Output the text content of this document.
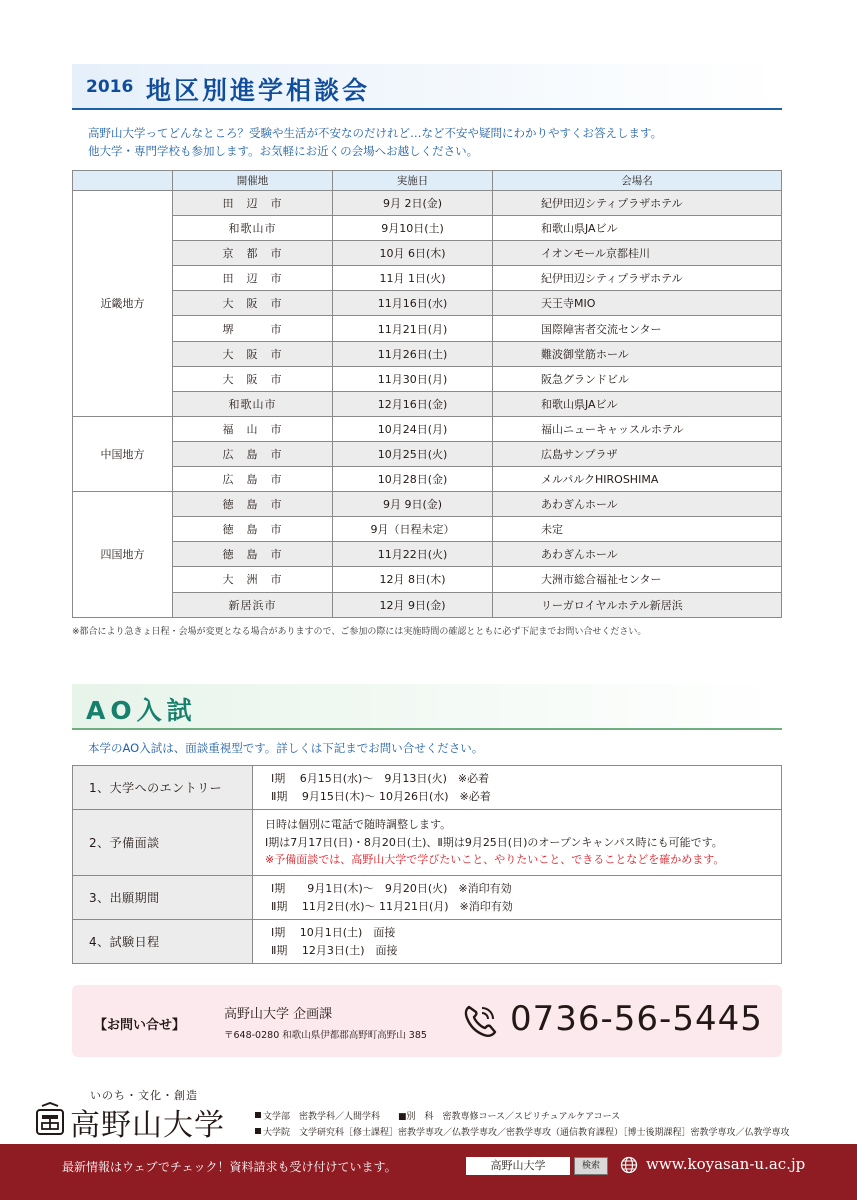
2016 地区別進学相談会
高野山大学ってどんなところ？受験や生活が不安なのだけれど…など不安や疑問にわかりやすくお答えします。
他大学・専門学校も参加します。お気軽にお近くの会場へお越しください。
	開催地	実施日	会場名
近畿地方	田　辺　市	9月 2日(金)	紀伊田辺シティプラザホテル
	和歌山市	9月10日(土)	和歌山県JAビル
	京　都　市	10月 6日(木)	イオンモール京都桂川
	田　辺　市	11月 1日(火)	紀伊田辺シティプラザホテル
	大　阪　市	11月16日(水)	天王寺MIO
	堺　　　市	11月21日(月)	国際障害者交流センター
	大　阪　市	11月26日(土)	難波御堂筋ホール
	大　阪　市	11月30日(月)	阪急グランドビル
	和歌山市	12月16日(金)	和歌山県JAビル
中国地方	福　山　市	10月24日(月)	福山ニューキャッスルホテル
	広　島　市	10月25日(火)	広島サンプラザ
	広　島　市	10月28日(金)	メルパルクHIROSHIMA
四国地方	徳　島　市	9月 9日(金)	あわぎんホール
	徳　島　市	9月（日程未定）	未定
	徳　島　市	11月22日(火)	あわぎんホール
	大　洲　市	12月 8日(木)	大洲市総合福祉センター
	新居浜市	12月 9日(金)	リーガロイヤルホテル新居浜
※都合により急きょ日程・会場が変更となる場合がありますので、ご参加の際には実施時間の確認とともに必ず下記までお問い合せください。
AO入試
本学のAO入試は、面談重視型です。詳しくは下記までお問い合せください。
1、大学へのエントリー	Ⅰ期　 6月15日(水)～　9月13日(火)　※必着
Ⅱ期　 9月15日(木)～ 10月26日(水)　※必着

2、予備面談	日時は個別に電話で随時調整します。
Ⅰ期は7月17日(日)・8月20日(土)、Ⅱ期は9月25日(日)のオープンキャンパス時にも可能です。
※予備面談では、高野山大学で学びたいこと、やりたいこと、できることなどを確かめます。

3、出願期間	Ⅰ期　　9月1日(木)～　9月20日(火)　※消印有効
Ⅱ期　 11月2日(水)～ 11月21日(月)　※消印有効

4、試験日程	Ⅰ期　 10月1日(土)　面接
Ⅱ期　 12月3日(土)　面接
【お問い合せ】
高野山大学 企画課
〒648-0280 和歌山県伊都郡高野町高野山 385 0736-56-5445
いのち・文化・創造
高野山大学	文学部　密教学科／人間学科　　■別　科　密教専修コース／スピリチュアルケアコース
大学院　文学研究科［修士課程］密教学専攻／仏教学専攻／密教学専攻（通信教育課程）［博士後期課程］密教学専攻／仏教学専攻
最新情報はウェブでチェック！資料請求も受け付けています。	高野山大学	検索	www.koyasan-u.ac.jp
